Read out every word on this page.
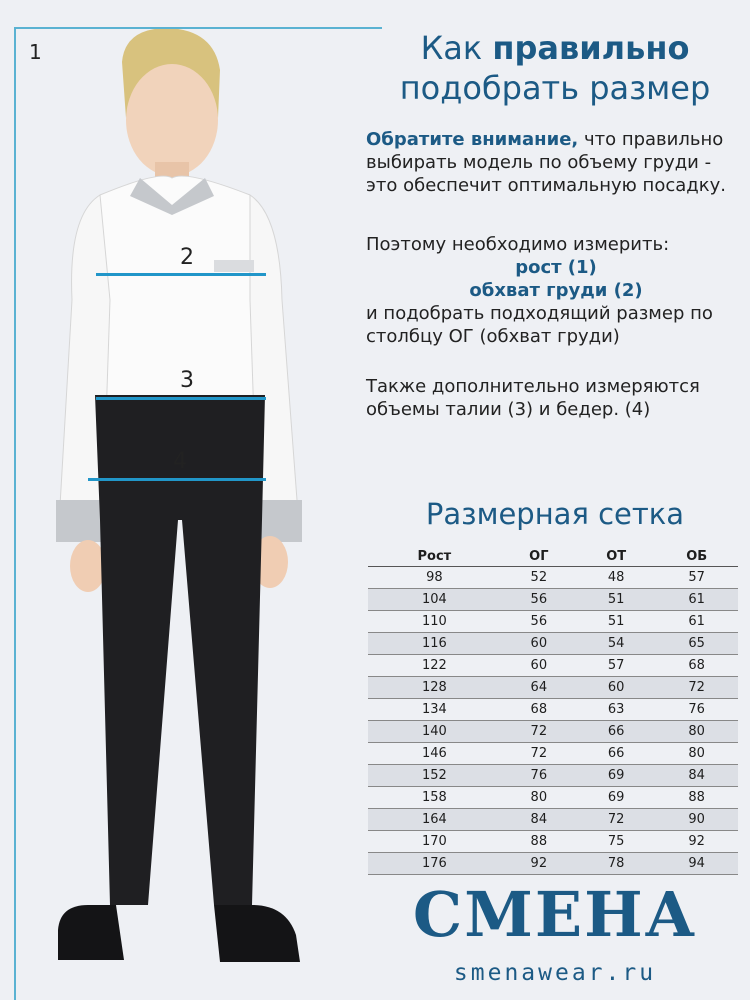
1
2
3
4
Как правильно
подобрать размер
Обратите внимание, что правильно выбирать модель по объему груди - это обеспечит оптимальную посадку.
Поэтому необходимо измерить:
рост (1)
обхват груди (2)
и подобрать подходящий размер по столбцу ОГ (обхват груди)
Также дополнительно измеряются объемы талии (3) и бедер. (4)
Размерная сетка
Рост	ОГ	ОТ	ОБ
98	52	48	57
104	56	51	61
110	56	51	61
116	60	54	65
122	60	57	68
128	64	60	72
134	68	63	76
140	72	66	80
146	72	66	80
152	76	69	84
158	80	69	88
164	84	72	90
170	88	75	92
176	92	78	94
СМЕНА
smenawear.ru
